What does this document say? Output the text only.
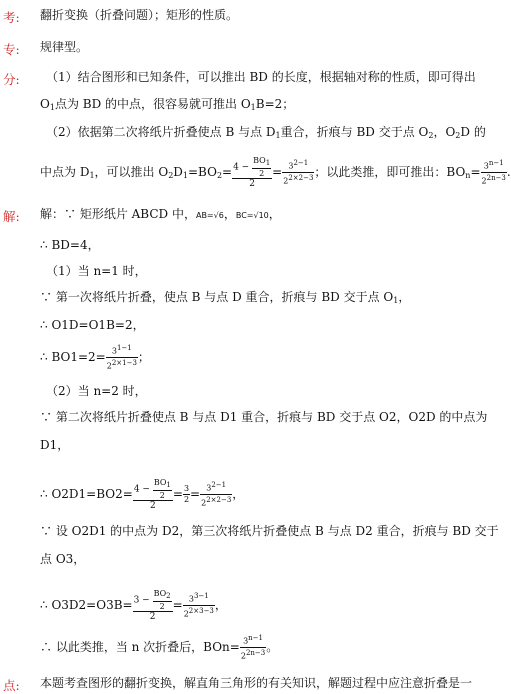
考:
专:
分:
解:
点:
翻折变换（折叠问题）；矩形的性质。
规律型。
（1）结合图形和已知条件，可以推出 BD 的长度，根据轴对称的性质，即可得出
$O_1$点为 BD 的中点，很容易就可推出 $O_1B=2$；
（2）依据第二次将纸片折叠使点 B 与点 $D_1$重合，折痕与 BD 交于点 $O_2$，$O_2D$ 的
中点为 $D_1$，可以推出 $O_2D_1=BO_2= \frac{4 - \frac{BO_1}{2}}{2} = \frac{3^{2-1}}{2^{2\times 2-3}}$ ；以此类推，即可推出：$BO_n= \frac{3^{n-1}}{2^{2n-3}}$ .
解：∵ 矩形纸片 ABCD 中，AB=√6，BC=√10，
∴ BD=4，
（1）当 n=1 时，
∵ 第一次将纸片折叠，使点 B 与点 D 重合，折痕与 BD 交于点 $O_1$，
∴ O1D=O1B=2，
∴ $BO1=2= \frac{3^{1-1}}{2^{2\times 1-3}}$ ；
（2）当 n=2 时，
∵ 第二次将纸片折叠使点 B 与点 D1 重合，折痕与 BD 交于点 O2，O2D 的中点为
D1，
∴ $O2D1=BO2= \frac{4 - \frac{BO_1}{2}}{2} = \frac{3}{2} = \frac{3^{2-1}}{2^{2\times 2-3}}$ ，
∵ 设 O2D1 的中点为 D2，第三次将纸片折叠使点 B 与点 D2 重合，折痕与 BD 交于
点 O3，
∴ $O3D2=O3B= \frac{3 - \frac{BO_2}{2}}{2} = \frac{3^{3-1}}{2^{2\times 3-3}}$ ，
∴ 以此类推，当 n 次折叠后，$BOn= \frac{3^{n-1}}{2^{2n-3}}$ 。
本题考查图形的翻折变换，解直角三角形的有关知识，解题过程中应注意折叠是一
